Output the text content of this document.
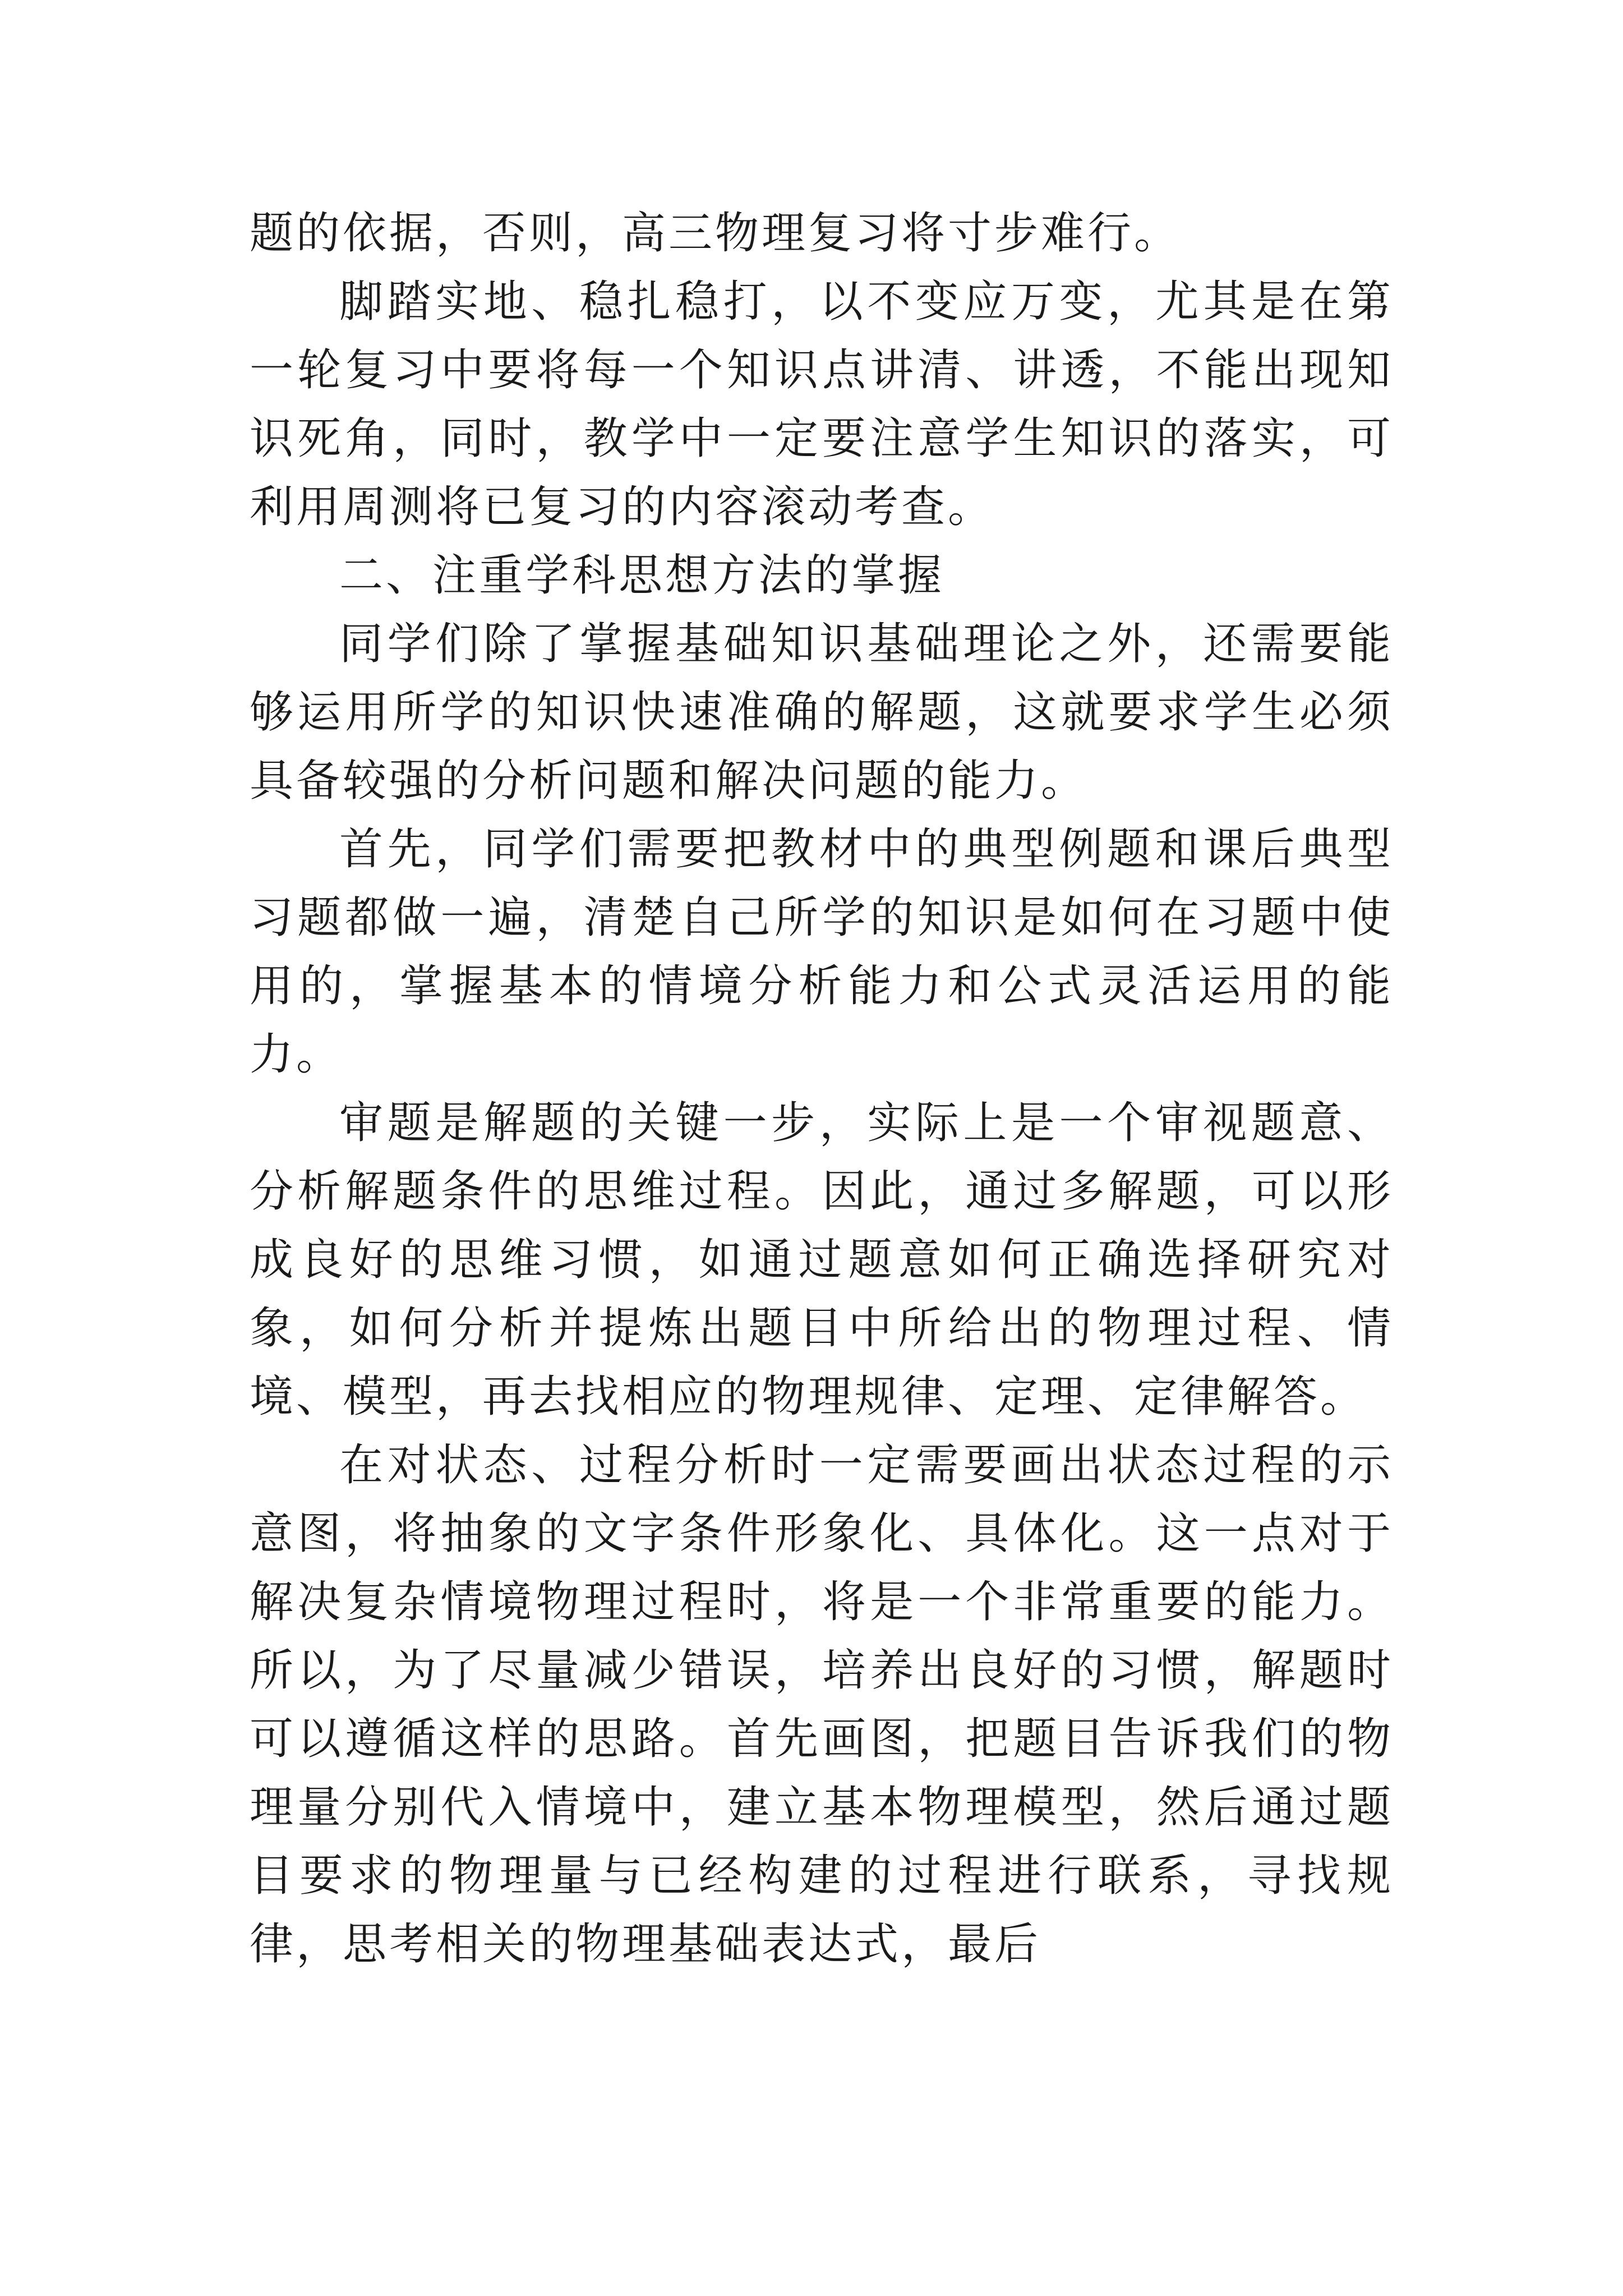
题的依据，否则，高三物理复习将寸步难行。

脚踏实地、稳扎稳打，以不变应万变，尤其是在第一轮复习中要将每一个知识点讲清、讲透，不能出现知识死角，同时，教学中一定要注意学生知识的落实，可利用周测将已复习的内容滚动考查。

二、注重学科思想方法的掌握

同学们除了掌握基础知识基础理论之外，还需要能够运用所学的知识快速准确的解题，这就要求学生必须具备较强的分析问题和解决问题的能力。

首先，同学们需要把教材中的典型例题和课后典型习题都做一遍，清楚自己所学的知识是如何在习题中使用的，掌握基本的情境分析能力和公式灵活运用的能力。

审题是解题的关键一步，实际上是一个审视题意、分析解题条件的思维过程。因此，通过多解题，可以形成良好的思维习惯，如通过题意如何正确选择研究对象，如何分析并提炼出题目中所给出的物理过程、情境、模型，再去找相应的物理规律、定理、定律解答。

在对状态、过程分析时一定需要画出状态过程的示意图，将抽象的文字条件形象化、具体化。这一点对于解决复杂情境物理过程时，将是一个非常重要的能力。所以，为了尽量减少错误，培养出良好的习惯，解题时可以遵循这样的思路。首先画图，把题目告诉我们的物理量分别代入情境中，建立基本物理模型，然后通过题目要求的物理量与已经构建的过程进行联系，寻找规律，思考相关的物理基础表达式，最后
